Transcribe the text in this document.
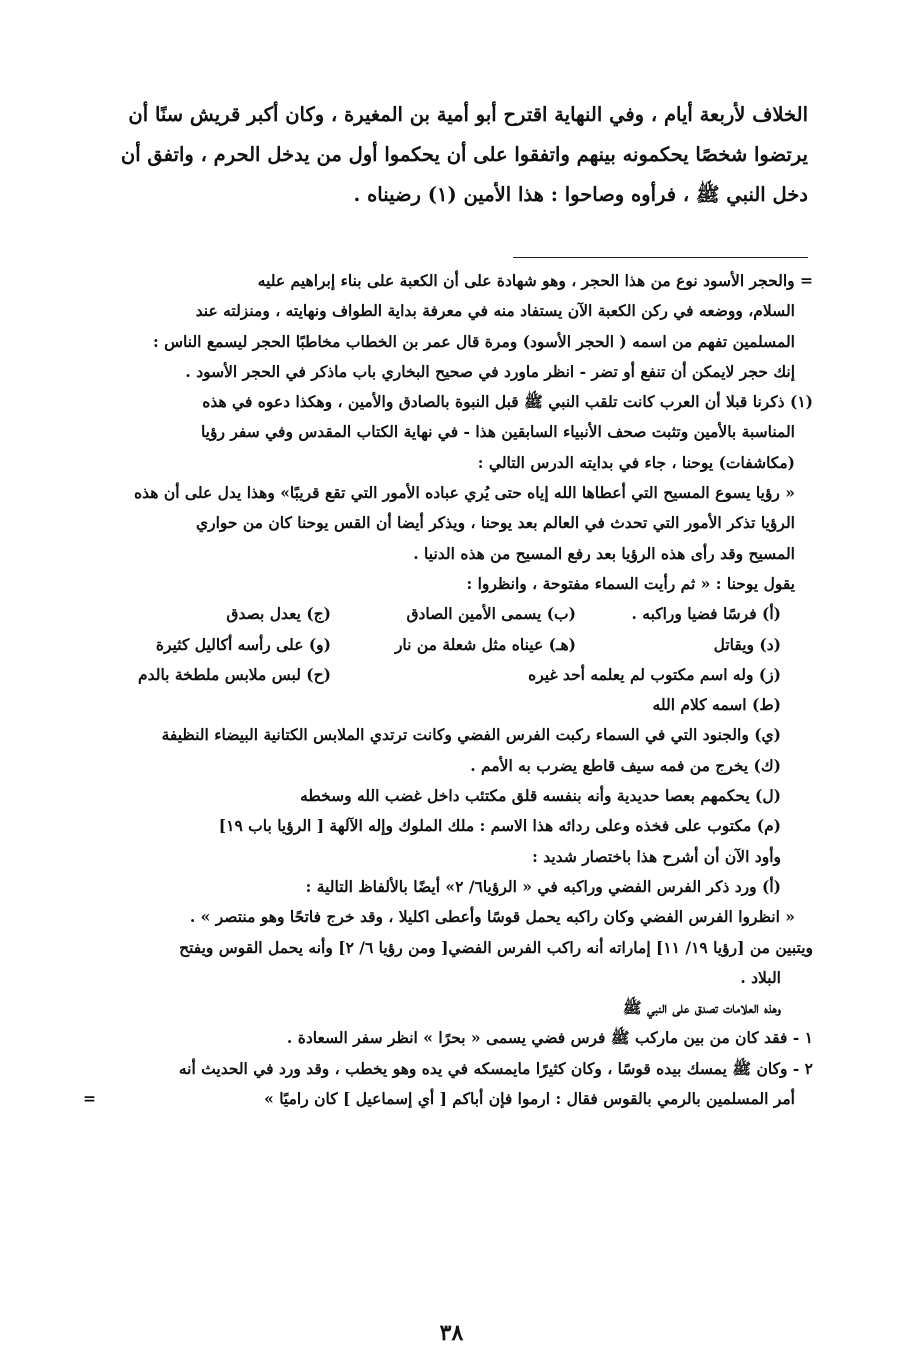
الخلاف لأربعة أيام ، وفي النهاية اقترح أبو أمية بن المغيرة ، وكان أكبر قريش سنًا أن

يرتضوا شخصًا يحكمونه بينهم واتفقوا على أن يحكموا أول من يدخل الحرم ، واتفق أن

دخل النبي ﷺ ، فرأوه وصاحوا : هذا الأمين (١) رضيناه .

= والحجر الأسود نوع من هذا الحجر ، وهو شهادة على أن الكعبة على بناء إبراهيم عليه

السلام، ووضعه في ركن الكعبة الآن يستفاد منه في معرفة بداية الطواف ونهايته ، ومنزلته عند

المسلمين تفهم من اسمه ( الحجر الأسود) ومرة قال عمر بن الخطاب مخاطبًا الحجر ليسمع الناس :

إنك حجر لايمكن أن تنفع أو تضر - انظر ماورد في صحيح البخاري باب ماذكر في الحجر الأسود .

(١) ذكرنا قبلا أن العرب كانت تلقب النبي ﷺ قبل النبوة بالصادق والأمين ، وهكذا دعوه في هذه

المناسبة بالأمين وتثبت صحف الأنبياء السابقين هذا - في نهاية الكتاب المقدس وفي سفر رؤيا

(مكاشفات) يوحنا ، جاء في بدايته الدرس التالي :

« رؤيا يسوع المسيح التي أعطاها الله إياه حتى يُري عباده الأمور التي تقع قريبًا» وهذا يدل على أن هذه

الرؤيا تذكر الأمور التي تحدث في العالم بعد يوحنا ، ويذكر أيضا أن القس يوحنا كان من حواري

المسيح وقد رأى هذه الرؤيا بعد رفع المسيح من هذه الدنيا .

يقول يوحنا : « ثم رأيت السماء مفتوحة ، وانظروا :

(أ) فرسًا فضيا وراكبه .
(ب) يسمى الأمين الصادق
(ج) يعدل بصدق
(د) ويقاتل
(هـ) عيناه مثل شعلة من نار
(و) على رأسه أكاليل كثيرة
(ز) وله اسم مكتوب لم يعلمه أحد غيره
(ح) لبس ملابس ملطخة بالدم

(ط) اسمه كلام الله

(ي) والجنود التي في السماء ركبت الفرس الفضي وكانت ترتدي الملابس الكتانية البيضاء النظيفة

(ك) يخرج من فمه سيف قاطع يضرب به الأمم .

(ل) يحكمهم بعصا حديدية وأنه بنفسه قلق مكتئب داخل غضب الله وسخطه

(م) مكتوب على فخذه وعلى ردائه هذا الاسم : ملك الملوك وإله الآلهة [ الرؤيا باب ١٩]

وأود الآن أن أشرح هذا باختصار شديد :

(أ) ورد ذكر الفرس الفضي وراكبه في « الرؤيا٦/ ٢» أيضًا بالألفاظ التالية :

« انظروا الفرس الفضي وكان راكبه يحمل قوسًا وأعطى اكليلا ، وقد خرج فاتحًا وهو منتصر » .

ويتبين من [رؤيا ١٩/ ١١] إماراته أنه راكب الفرس الفضي[ ومن رؤيا ٦/ ٢] وأنه يحمل القوس ويفتح

البلاد .

وهذه العلامات تصدق على النبي ﷺ

١ - فقد كان من بين ماركب ﷺ فرس فضي يسمى « بحرًا » انظر سفر السعادة .

٢ - وكان ﷺ يمسك بيده قوسًا ، وكان كثيرًا مايمسكه في يده وهو يخطب ، وقد ورد في الحديث أنه

أمر المسلمين بالرمي بالقوس فقال : ارموا فإن أباكم [ أي إسماعيل ] كان راميًا »
=

٣٨
